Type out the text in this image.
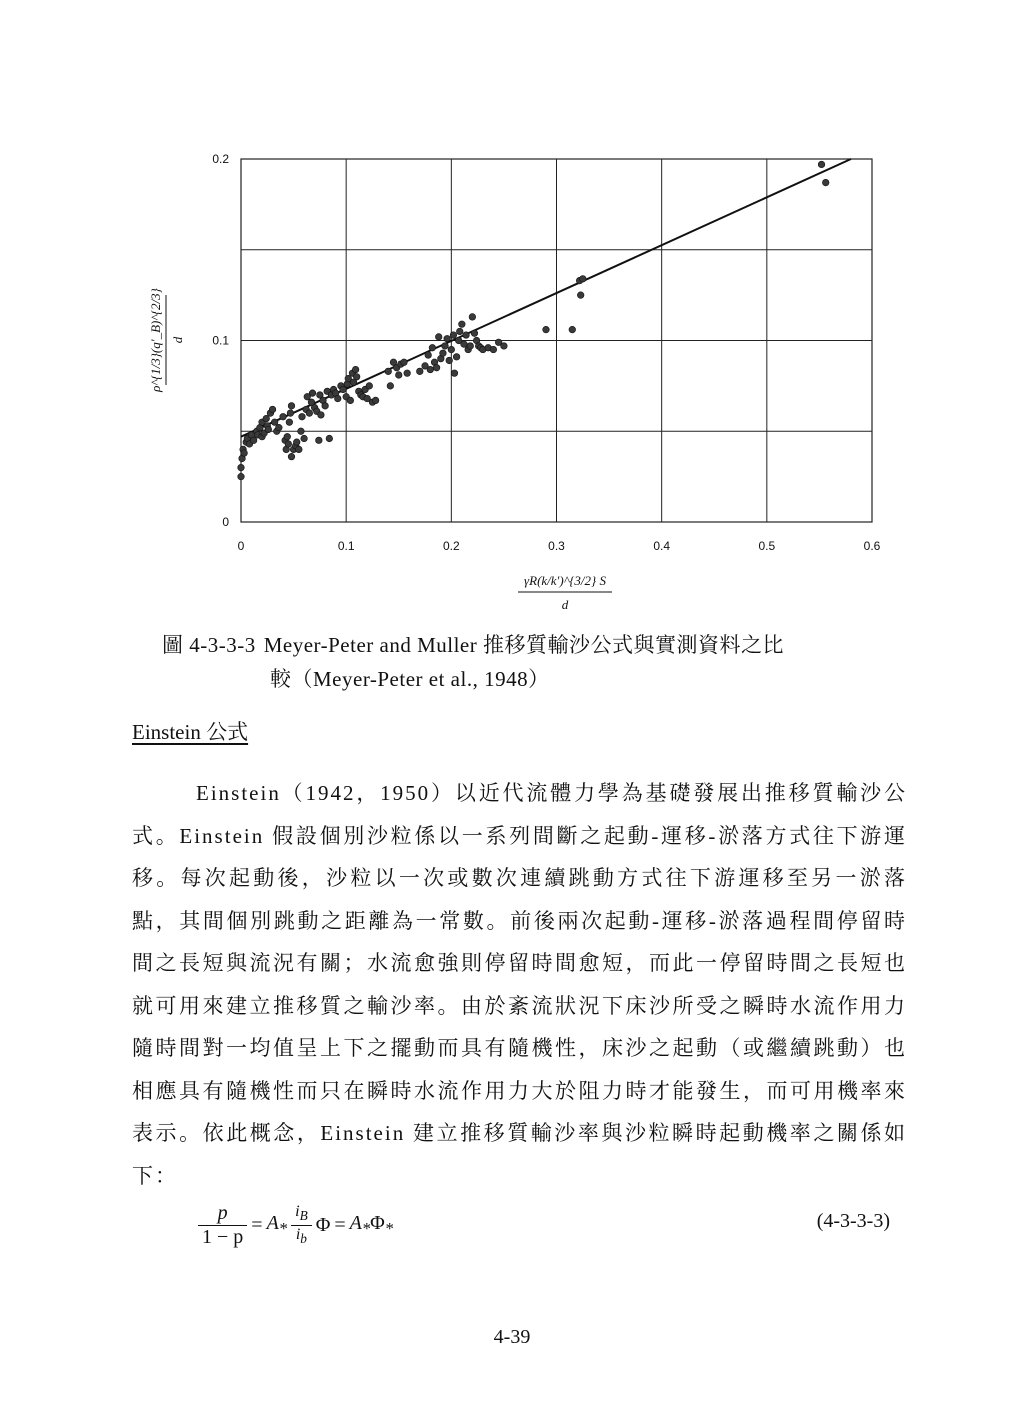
0	0.1	0.2	0.3	0.4	0.5	0.6
0
0.1
0.2
γR(k/k′)^{3/2} S
d
ρ^{1/3}(q′_B)^{2/3} d
圖 4-3-3-3 Meyer-Peter and Muller 推移質輸沙公式與實測資料之比
較（Meyer-Peter et al., 1948）
Einstein 公式

Einstein（1942，1950）以近代流體力學為基礎發展出推移質輸沙公式。Einstein 假設個別沙粒係以一系列間斷之起動-運移-淤落方式往下游運移。每次起動後，沙粒以一次或數次連續跳動方式往下游運移至另一淤落點，其間個別跳動之距離為一常數。前後兩次起動-運移-淤落過程間停留時間之長短與流況有關；水流愈強則停留時間愈短，而此一停留時間之長短也就可用來建立推移質之輸沙率。由於紊流狀況下床沙所受之瞬時水流作用力隨時間對一均值呈上下之擺動而具有隨機性，床沙之起動（或繼續跳動）也相應具有隨機性而只在瞬時水流作用力大於阻力時才能發生，而可用機率來表示。依此概念，Einstein 建立推移質輸沙率與沙粒瞬時起動機率之關係如下：

$\frac{p}{1 - p} = A_* \frac{i_B}{i_b}$ $\Phi = A_*\Phi_*$	(4-3-3-3)
4-39
